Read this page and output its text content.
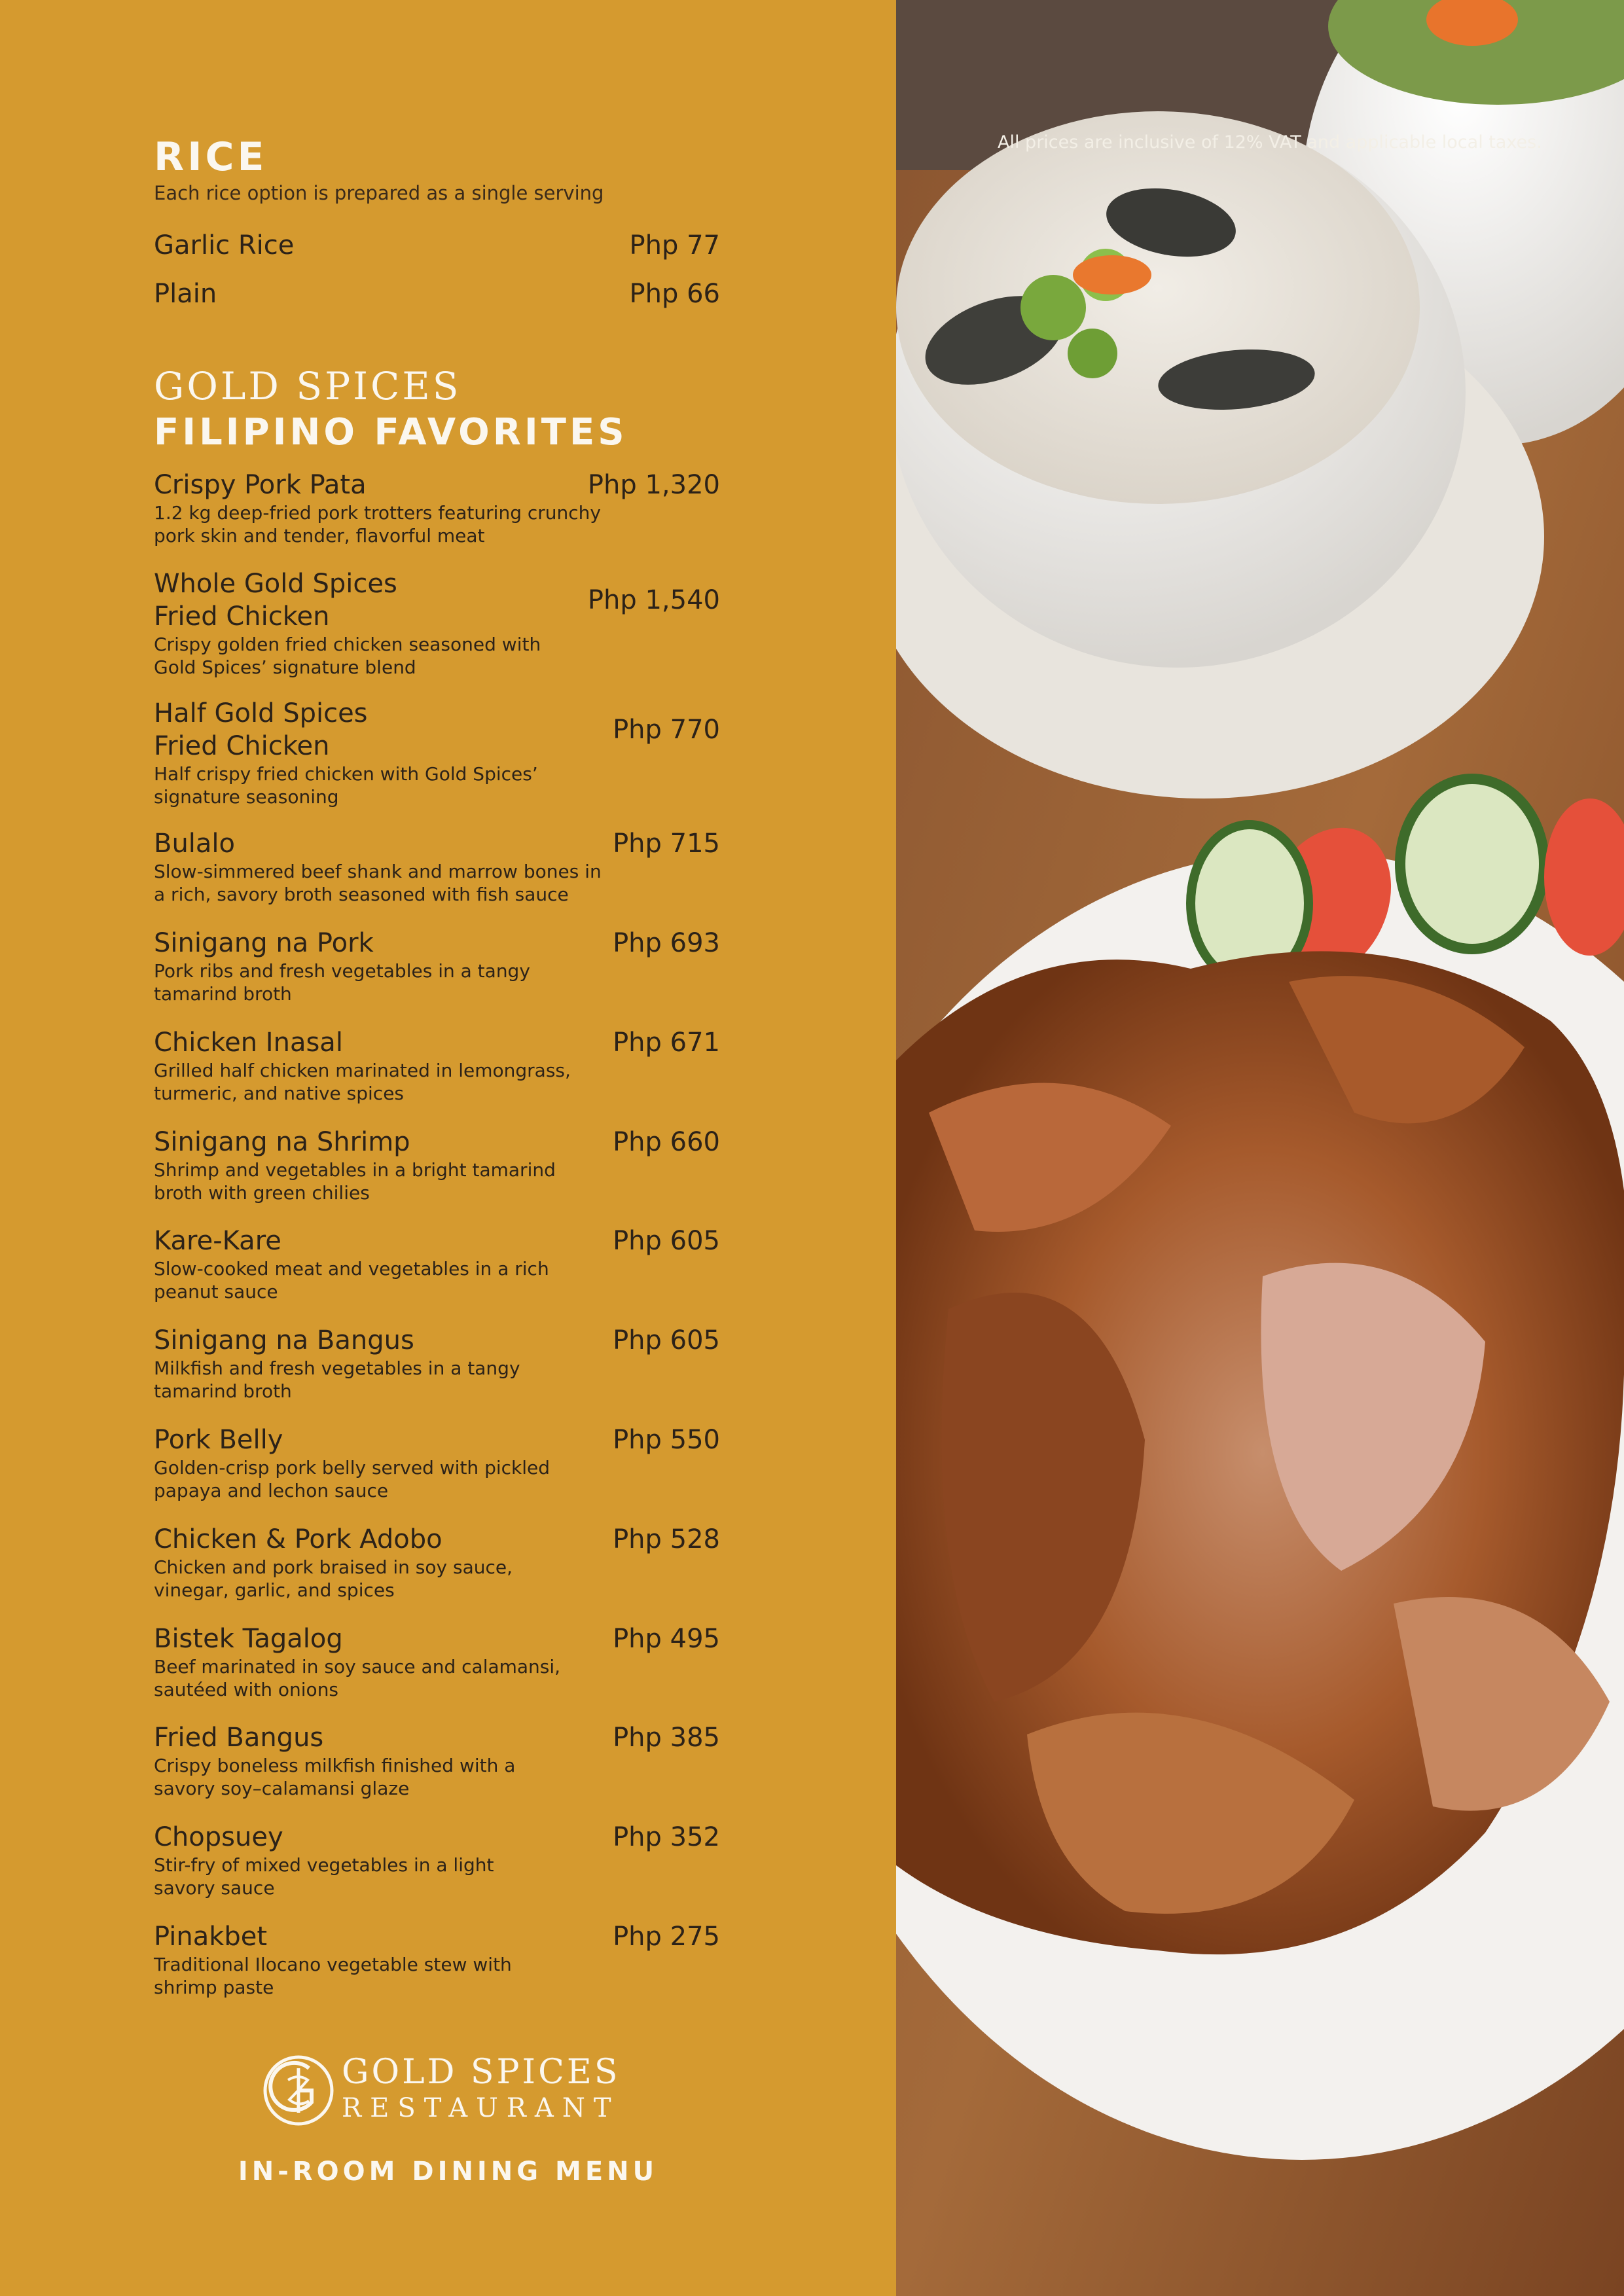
RICE
Each rice option is prepared as a single serving
Garlic Rice	Php 77
Plain	Php 66
GOLD SPICES
FILIPINO FAVORITES
Crispy Pork Pata
1.2 kg deep-fried pork trotters featuring crunchy pork skin and tender, flavorful meat
Php 1,320
Whole Gold Spices Fried Chicken
Crispy golden fried chicken seasoned with Gold Spices’ signature blend
Php 1,540
Half Gold Spices Fried Chicken
Half crispy fried chicken with Gold Spices’ signature seasoning
Php 770
Bulalo
Slow-simmered beef shank and marrow bones in a rich, savory broth seasoned with fish sauce
Php 715
Sinigang na Pork
Pork ribs and fresh vegetables in a tangy tamarind broth
Php 693
Chicken Inasal
Grilled half chicken marinated in lemongrass, turmeric, and native spices
Php 671
Sinigang na Shrimp
Shrimp and vegetables in a bright tamarind broth with green chilies
Php 660
Kare-Kare
Slow-cooked meat and vegetables in a rich peanut sauce
Php 605
Sinigang na Bangus
Milkfish and fresh vegetables in a tangy tamarind broth
Php 605
Pork Belly
Golden-crisp pork belly served with pickled papaya and lechon sauce
Php 550
Chicken & Pork Adobo
Chicken and pork braised in soy sauce, vinegar, garlic, and spices
Php 528
Bistek Tagalog
Beef marinated in soy sauce and calamansi, sautéed with onions
Php 495
Fried Bangus
Crispy boneless milkfish finished with a savory soy–calamansi glaze
Php 385
Chopsuey
Stir-fry of mixed vegetables in a light savory sauce
Php 352
Pinakbet
Traditional Ilocano vegetable stew with shrimp paste
Php 275
GOLD SPICES
RESTAURANT
IN-ROOM DINING MENU
All prices are inclusive of 12% VAT and applicable local taxes.
